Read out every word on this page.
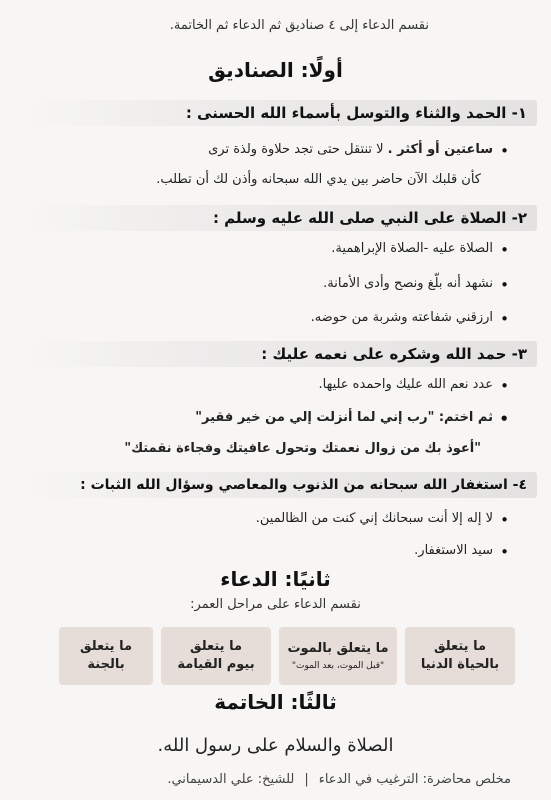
نقسم الدعاء إلى ٤ صناديق ثم الدعاء ثم الخاتمة.
أولًا: الصناديق
١- الحمد والثناء والتوسل بأسماء الله الحسنى :
ساعتين أو أكثر . لا تنتقل حتى تجد حلاوة ولذة ترى •
كأن قلبك الآن حاضر بين يدي الله سبحانه وأذن لك أن تطلب.
٢- الصلاة على النبي صلى الله عليه وسلم :
الصلاة عليه -الصلاة الإبراهمية. •
نشهد أنه بلّغ ونصح وأدى الأمانة. •
ارزقني شفاعته وشربة من حوضه. •
٣- حمد الله وشكره على نعمه عليك :
عدد نعم الله عليك واحمده عليها. •
ثم اختم: "رب إني لما أنزلت إلي من خير فقير" •
"أعوذ بك من زوال نعمتك وتحول عافيتك وفجاءة نقمتك"
٤- استغفار الله سبحانه من الذنوب والمعاصي وسؤال الله الثبات :
لا إله إلا أنت سبحانك إني كنت من الظالمين. •
سيد الاستغفار. •
ثانيًا: الدعاء
نقسم الدعاء على مراحل العمر:
ما يتعلق
بالحياة الدنيا
ما يتعلق بالموت
"قبل الموت، بعد الموت"
ما يتعلق
بيوم القيامة
ما يتعلق
بالجنة
ثالثًا: الخاتمة
الصلاة والسلام على رسول الله.
مخلص محاضرة: الترغيب في الدعاء|للشيخ: علي الدسيماني.
